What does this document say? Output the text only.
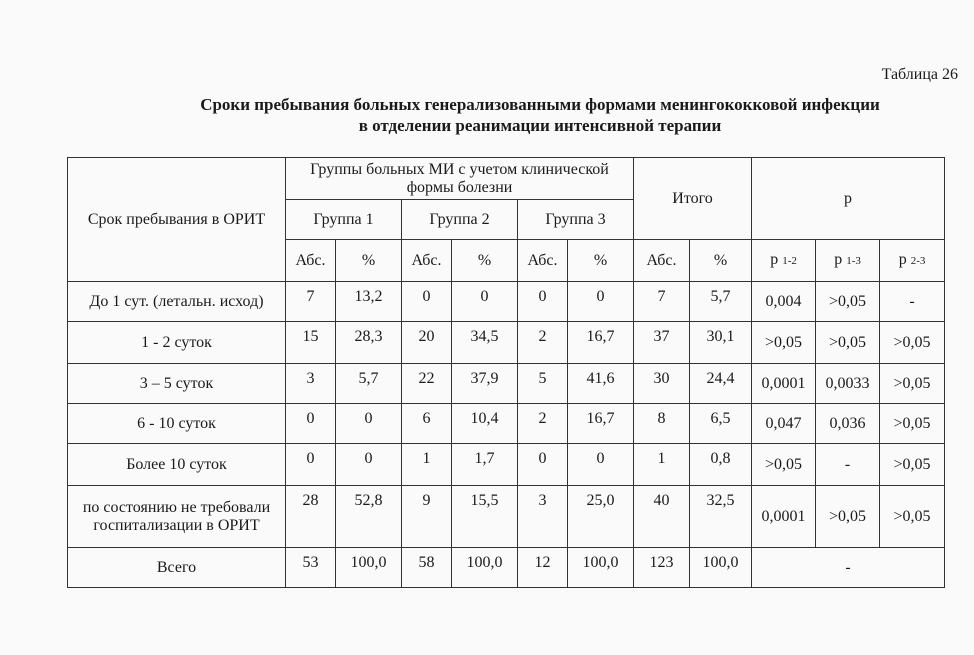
Таблица 26
Сроки пребывания больных генерализованными формами менингококковой инфекции
в отделении реанимации интенсивной терапии
Срок пребывания в ОРИТ	Группы больных МИ с учетом клинической формы болезни						Итого		p		
	Группа 1		Группа 2		Группа 3						
	Абс.	%	Абс.	%	Абс.	%	Абс.	%	p 1-2	p 1-3	p 2-3
До 1 сут. (летальн. исход)	7	13,2	0	0	0	0	7	5,7	0,004	>0,05	-
1 - 2 суток	15	28,3	20	34,5	2	16,7	37	30,1	>0,05	>0,05	>0,05
3 – 5 суток	3	5,7	22	37,9	5	41,6	30	24,4	0,0001	0,0033	>0,05
6 - 10 суток	0	0	6	10,4	2	16,7	8	6,5	0,047	0,036	>0,05
Более 10 суток	0	0	1	1,7	0	0	1	0,8	>0,05	-	>0,05
по состоянию не требовали госпитализации в ОРИТ	28	52,8	9	15,5	3	25,0	40	32,5	0,0001	>0,05	>0,05
Всего	53	100,0	58	100,0	12	100,0	123	100,0	-		
